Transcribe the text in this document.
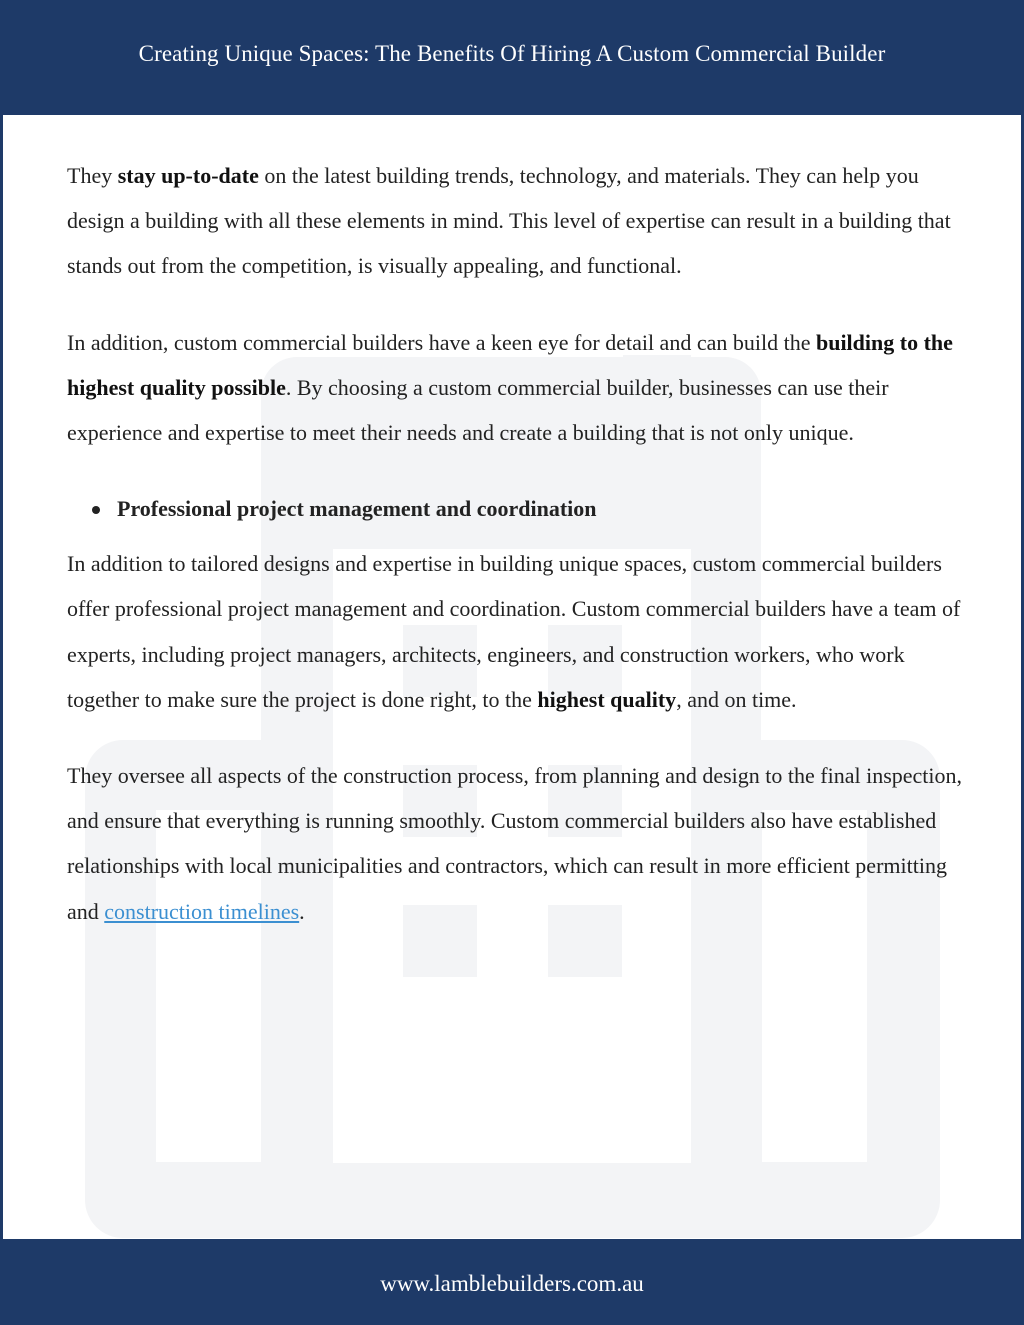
Creating Unique Spaces: The Benefits Of Hiring A Custom Commercial Builder

They stay up-to-date on the latest building trends, technology, and materials. They can help you design a building with all these elements in mind. This level of expertise can result in a building that stands out from the competition, is visually appealing, and functional.

In addition, custom commercial builders have a keen eye for detail and can build the building to the highest quality possible. By choosing a custom commercial builder, businesses can use their experience and expertise to meet their needs and create a building that is not only unique.

Professional project management and coordination

In addition to tailored designs and expertise in building unique spaces, custom commercial builders offer professional project management and coordination. Custom commercial builders have a team of experts, including project managers, architects, engineers, and construction workers, who work together to make sure the project is done right, to the highest quality, and on time.

They oversee all aspects of the construction process, from planning and design to the final inspection, and ensure that everything is running smoothly. Custom commercial builders also have established relationships with local municipalities and contractors, which can result in more efficient permitting and construction timelines.

www.lamblebuilders.com.au
